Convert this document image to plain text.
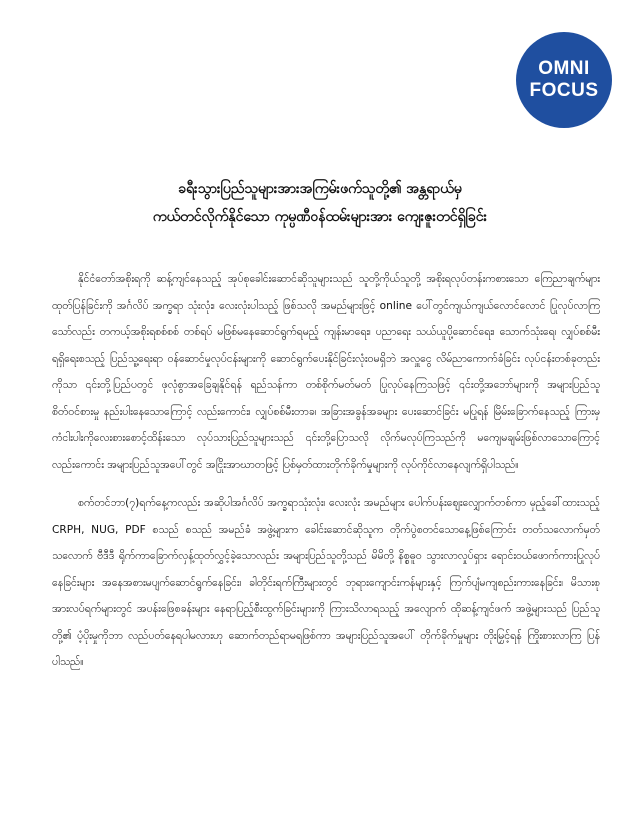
OMNI
FOCUS
ခရီးသွားပြည်သူများအားအကြမ်းဖက်သူတို့၏ အန္တရာယ်မှ
ကယ်တင်လိုက်နိုင်သော ကုမ္ပဏီဝန်ထမ်းများအား ကျေးဇူးတင်ရှိခြင်း

နိုင်ငံတော်အစိုးရကို ဆန့်ကျင်နေသည့် အုပ်စုခေါင်းဆောင်ဆိုသူများသည် သူတို့ကိုယ်သူတို့ အစိုးရလုပ်တန်းကစားသော ကြေညာချက်များထုတ်ပြန်ခြင်းကို အင်္ဂလိပ် အက္ခရာ သုံးလုံး၊ လေးလုံးပါသည့် ဖြစ်သလို အမည်များဖြင့် online ပေါ်တွင်ကျယ်ကျယ်လောင်လောင် ပြုလုပ်လာကြသော်လည်း တကယ့်အစိုးရစစ်စစ် တစ်ရပ် မဖြစ်မနေဆောင်ရွက်ရမည့် ကျန်းမာရေး၊ ပညာရေး သယ်ယူပို့ဆောင်ရေး၊ သောက်သုံးရေ၊ လျှပ်စစ်မီး ရရှိရေးစသည့် ပြည်သူ့ရေးရာ ဝန်ဆောင်မှုလုပ်ငန်းများကို ဆောင်ရွက်ပေးနိုင်ခြင်းလုံးဝမရှိဘဲ အလှူငွေ လိမ်ညာကောက်ခံခြင်း လုပ်ငန်းတစ်ခုတည်းကိုသာ ၎င်းတို့ပြည်ပတွင် ဖုလုံစွာအခြေချနိုင်ရန် ရည်သန်ကာ တစ်စိုက်မတ်မတ် ပြုလုပ်နေကြသဖြင့် ၎င်းတို့အဘော်များကို အများပြည်သူစိတ်ဝင်စားမှု နည်းပါးနေသောကြောင့် လည်းကောင်း၊ လျှပ်စစ်မီးတာခ၊ အခြားအခွန်အခများ ပေးဆောင်ခြင်း မပြုရန် မြိမ်းခြောက်နေသည့် ကြားမှ ကံငါးပါးကိုလေးစားစောင့်ထိန်းသော လုပ်သားပြည်သူများသည် ၎င်းတို့ပြောသလို လိုက်မလုပ်ကြသည်ကို မကျေမချမ်းဖြစ်လာသောကြောင့် လည်းကောင်း အများပြည်သူအပေါ်တွင် အငြိုးအာဃာတဖြင့် ပြစ်မှတ်ထားတိုက်ခိုက်မှုများကို လုပ်ကိုင်လာနေလျက်ရှိပါသည်။

စက်တင်ဘာ(၇)ရက်နေ့ကလည်း အဆိုပါအင်္ဂလိပ် အက္ခရာသုံးလုံး၊ လေးလုံး အမည်များ ပေါက်ပန်းဈေးလျှောက်တစ်ကာ မှည့်ခေါ်ထားသည့် CRPH, NUG, PDF စသည် စသည် အမည်ခံ အဖွဲ့များက ခေါင်းဆောင်ဆိုသူက တိုက်ပွဲစတင်သောနေ့ဖြစ်ကြောင်း တတ်သလောက်မှတ် သလောက် ဗီဒီဒီ ရိုက်ကာခြောက်လှန့်ထုတ်လွှင့်ခဲ့သောလည်း အများပြည်သူတို့သည် မိမိတို့ နိစ္စဓူဝ သွားလာလှုပ်ရှား ရောင်းဝယ်ဖောက်ကားပြုလုပ်နေခြင်းများ အနေအစားမပျက်ဆောင်ရွက်နေခြင်း၊ ခါတိုင်းရက်ကြီးများတွင် ဘုရားကျောင်းကန်များနှင့် ကြက်ပျံမကျစည်းကားနေခြင်း၊ မိသားစု အားလပ်ရက်များတွင် အပန်းဖြေစခန်းများ နေရာပြည့်စီးထွက်ခြင်းများကို ကြားသိလာရသည့် အလျောက် ထိုဆန့်ကျင်ဖက် အဖွဲ့များသည် ပြည်သူတို့၏ ပံ့ပိုးမှုကိုဘာ လည်ပတ်နေရပါမလားဟု ဆောက်တည်ရာမရဖြစ်ကာ အများပြည်သူအပေါ် တိုက်ခိုက်မှုများ တိုးမြှင့်ရန် ကြိုးစားလာကြ ပြန်ပါသည်။
